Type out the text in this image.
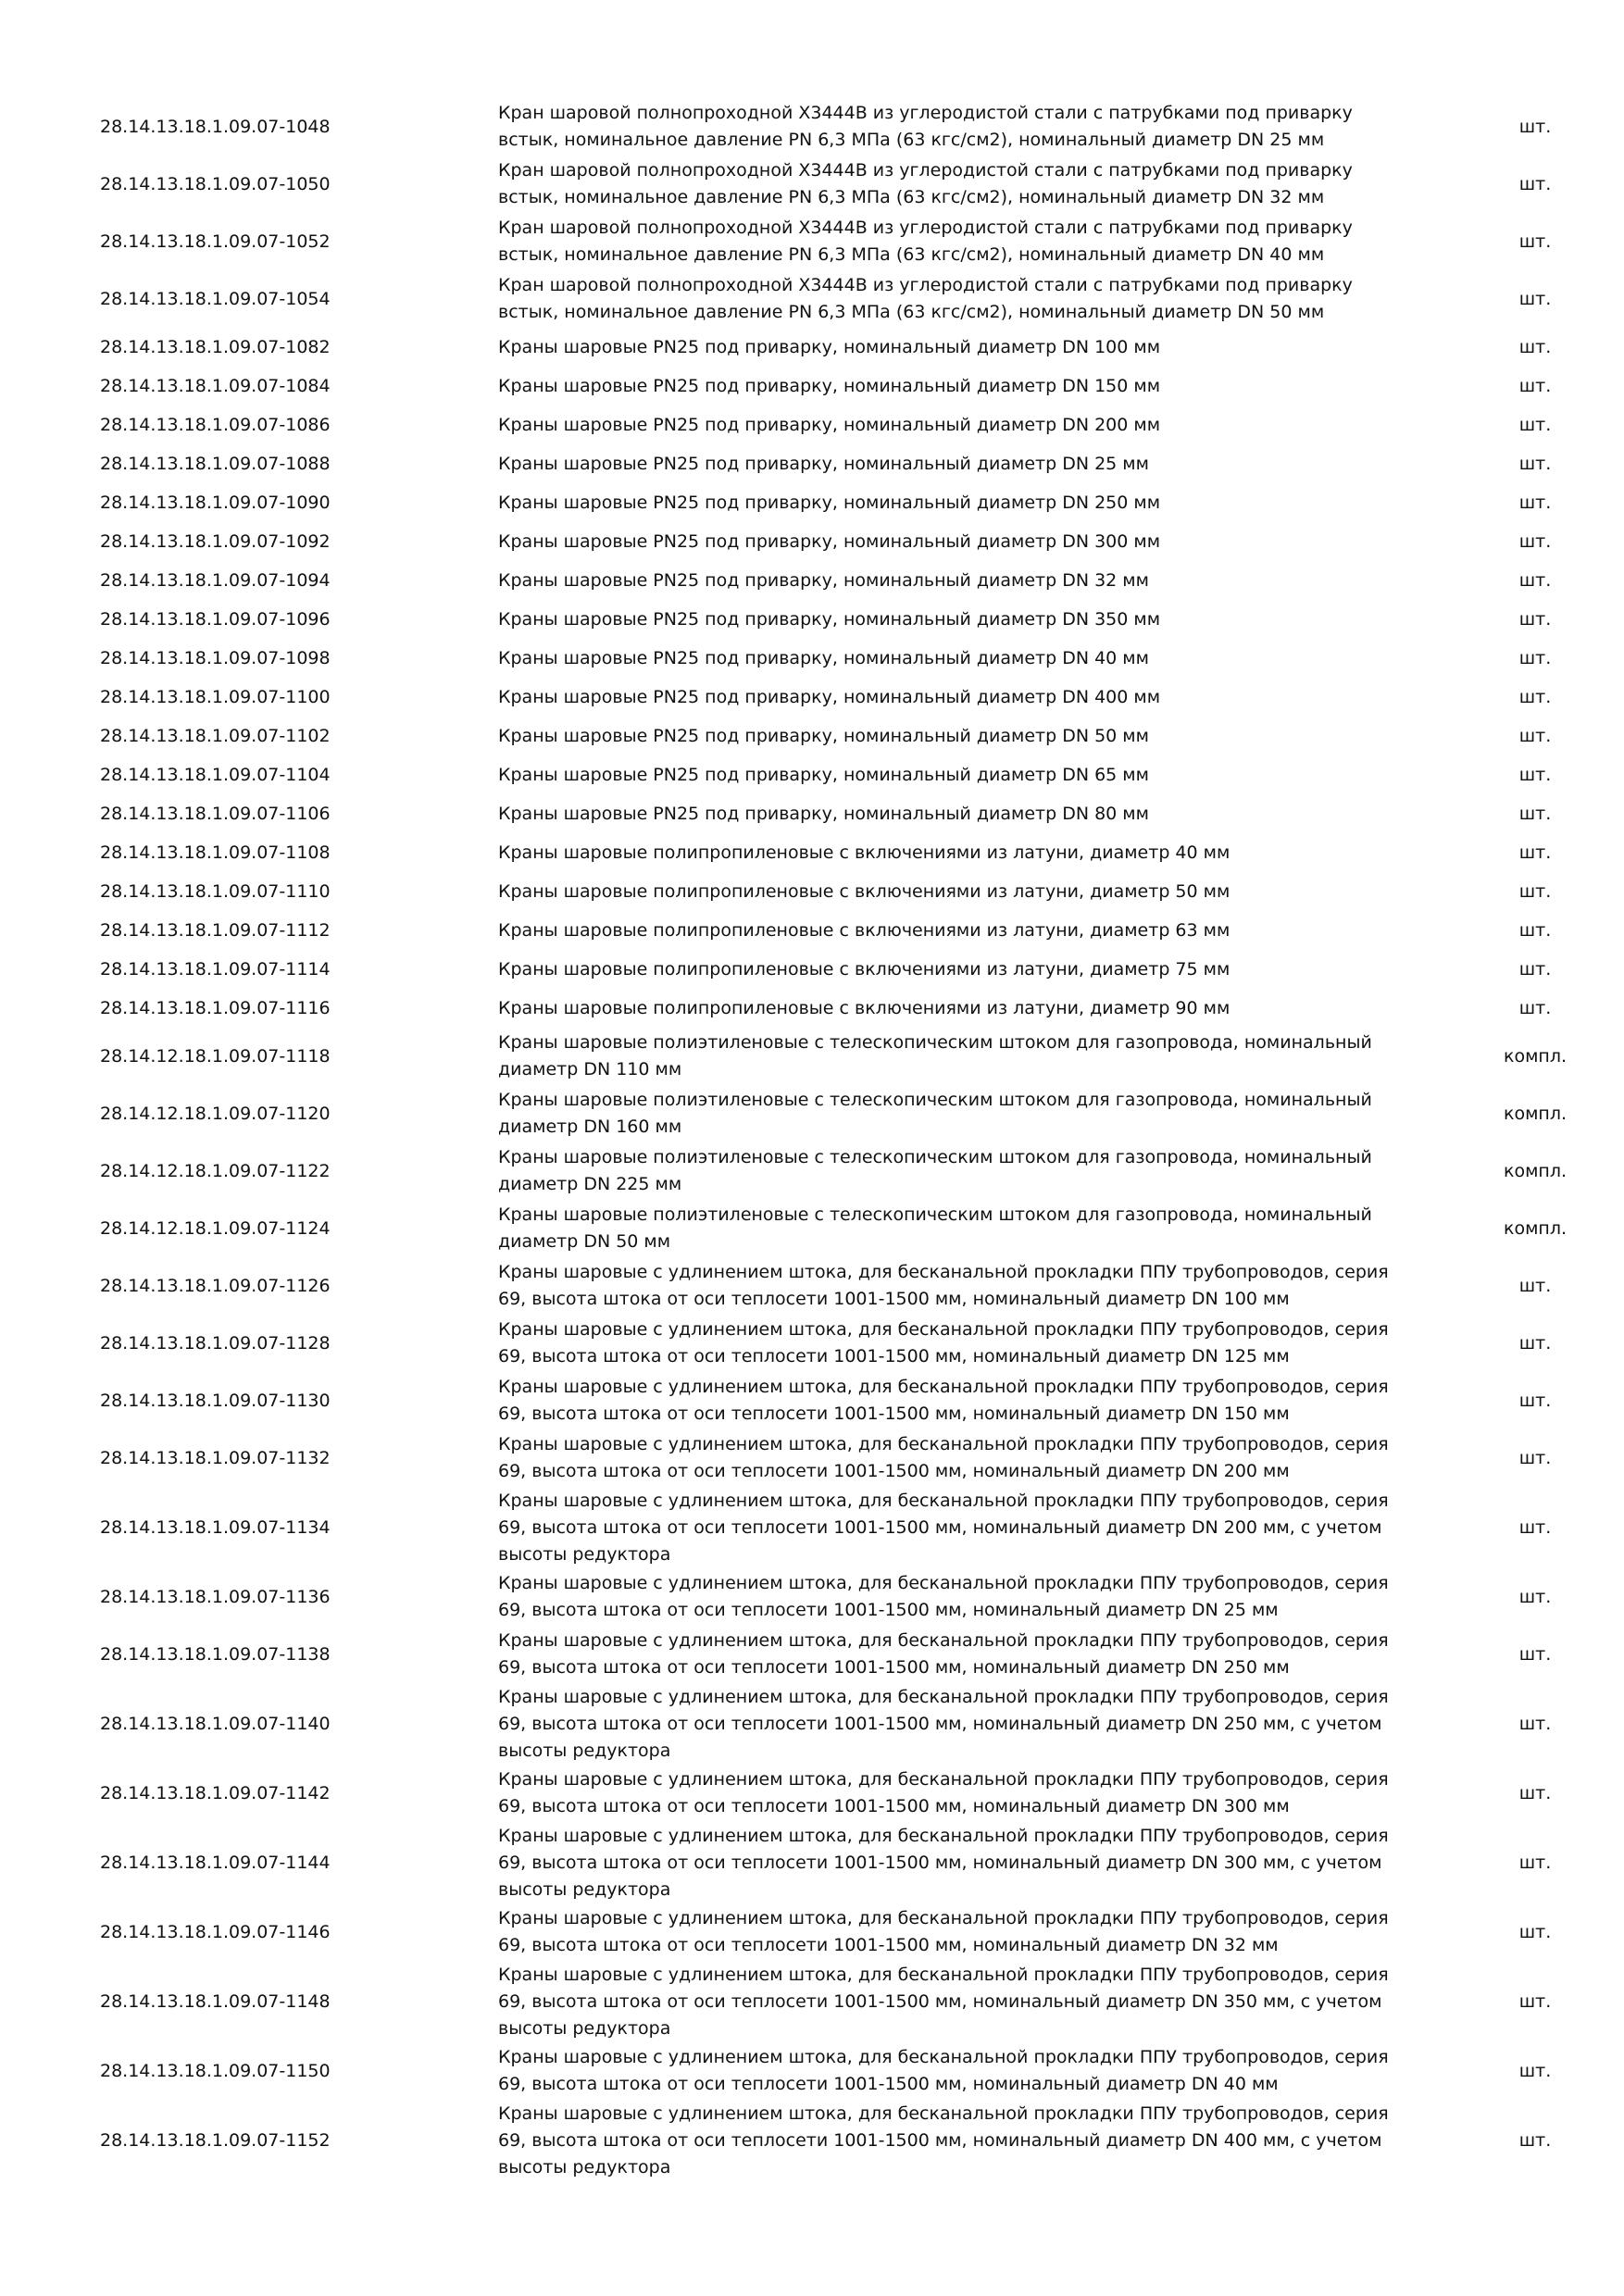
28.14.13.18.1.09.07-1048	Кран шаровой полнопроходной Х3444В из углеродистой стали с патрубками под приварку встык, номинальное давление PN 6,3 МПа (63 кгс/см2), номинальный диаметр DN 25 мм	шт.
28.14.13.18.1.09.07-1050	Кран шаровой полнопроходной Х3444В из углеродистой стали с патрубками под приварку встык, номинальное давление PN 6,3 МПа (63 кгс/см2), номинальный диаметр DN 32 мм	шт.
28.14.13.18.1.09.07-1052	Кран шаровой полнопроходной Х3444В из углеродистой стали с патрубками под приварку встык, номинальное давление PN 6,3 МПа (63 кгс/см2), номинальный диаметр DN 40 мм	шт.
28.14.13.18.1.09.07-1054	Кран шаровой полнопроходной Х3444В из углеродистой стали с патрубками под приварку встык, номинальное давление PN 6,3 МПа (63 кгс/см2), номинальный диаметр DN 50 мм	шт.
28.14.13.18.1.09.07-1082	Краны шаровые PN25 под приварку, номинальный диаметр DN 100 мм	шт.
28.14.13.18.1.09.07-1084	Краны шаровые PN25 под приварку, номинальный диаметр DN 150 мм	шт.
28.14.13.18.1.09.07-1086	Краны шаровые PN25 под приварку, номинальный диаметр DN 200 мм	шт.
28.14.13.18.1.09.07-1088	Краны шаровые PN25 под приварку, номинальный диаметр DN 25 мм	шт.
28.14.13.18.1.09.07-1090	Краны шаровые PN25 под приварку, номинальный диаметр DN 250 мм	шт.
28.14.13.18.1.09.07-1092	Краны шаровые PN25 под приварку, номинальный диаметр DN 300 мм	шт.
28.14.13.18.1.09.07-1094	Краны шаровые PN25 под приварку, номинальный диаметр DN 32 мм	шт.
28.14.13.18.1.09.07-1096	Краны шаровые PN25 под приварку, номинальный диаметр DN 350 мм	шт.
28.14.13.18.1.09.07-1098	Краны шаровые PN25 под приварку, номинальный диаметр DN 40 мм	шт.
28.14.13.18.1.09.07-1100	Краны шаровые PN25 под приварку, номинальный диаметр DN 400 мм	шт.
28.14.13.18.1.09.07-1102	Краны шаровые PN25 под приварку, номинальный диаметр DN 50 мм	шт.
28.14.13.18.1.09.07-1104	Краны шаровые PN25 под приварку, номинальный диаметр DN 65 мм	шт.
28.14.13.18.1.09.07-1106	Краны шаровые PN25 под приварку, номинальный диаметр DN 80 мм	шт.
28.14.13.18.1.09.07-1108	Краны шаровые полипропиленовые с включениями из латуни, диаметр 40 мм	шт.
28.14.13.18.1.09.07-1110	Краны шаровые полипропиленовые с включениями из латуни, диаметр 50 мм	шт.
28.14.13.18.1.09.07-1112	Краны шаровые полипропиленовые с включениями из латуни, диаметр 63 мм	шт.
28.14.13.18.1.09.07-1114	Краны шаровые полипропиленовые с включениями из латуни, диаметр 75 мм	шт.
28.14.13.18.1.09.07-1116	Краны шаровые полипропиленовые с включениями из латуни, диаметр 90 мм	шт.
28.14.12.18.1.09.07-1118	Краны шаровые полиэтиленовые с телескопическим штоком для газопровода, номинальный диаметр DN 110 мм	компл.
28.14.12.18.1.09.07-1120	Краны шаровые полиэтиленовые с телескопическим штоком для газопровода, номинальный диаметр DN 160 мм	компл.
28.14.12.18.1.09.07-1122	Краны шаровые полиэтиленовые с телескопическим штоком для газопровода, номинальный диаметр DN 225 мм	компл.
28.14.12.18.1.09.07-1124	Краны шаровые полиэтиленовые с телескопическим штоком для газопровода, номинальный диаметр DN 50 мм	компл.
28.14.13.18.1.09.07-1126	Краны шаровые с удлинением штока, для бесканальной прокладки ППУ трубопроводов, серия 69, высота штока от оси теплосети 1001-1500 мм, номинальный диаметр DN 100 мм	шт.
28.14.13.18.1.09.07-1128	Краны шаровые с удлинением штока, для бесканальной прокладки ППУ трубопроводов, серия 69, высота штока от оси теплосети 1001-1500 мм, номинальный диаметр DN 125 мм	шт.
28.14.13.18.1.09.07-1130	Краны шаровые с удлинением штока, для бесканальной прокладки ППУ трубопроводов, серия 69, высота штока от оси теплосети 1001-1500 мм, номинальный диаметр DN 150 мм	шт.
28.14.13.18.1.09.07-1132	Краны шаровые с удлинением штока, для бесканальной прокладки ППУ трубопроводов, серия 69, высота штока от оси теплосети 1001-1500 мм, номинальный диаметр DN 200 мм	шт.
28.14.13.18.1.09.07-1134	Краны шаровые с удлинением штока, для бесканальной прокладки ППУ трубопроводов, серия 69, высота штока от оси теплосети 1001-1500 мм, номинальный диаметр DN 200 мм, с учетом высоты редуктора	шт.
28.14.13.18.1.09.07-1136	Краны шаровые с удлинением штока, для бесканальной прокладки ППУ трубопроводов, серия 69, высота штока от оси теплосети 1001-1500 мм, номинальный диаметр DN 25 мм	шт.
28.14.13.18.1.09.07-1138	Краны шаровые с удлинением штока, для бесканальной прокладки ППУ трубопроводов, серия 69, высота штока от оси теплосети 1001-1500 мм, номинальный диаметр DN 250 мм	шт.
28.14.13.18.1.09.07-1140	Краны шаровые с удлинением штока, для бесканальной прокладки ППУ трубопроводов, серия 69, высота штока от оси теплосети 1001-1500 мм, номинальный диаметр DN 250 мм, с учетом высоты редуктора	шт.
28.14.13.18.1.09.07-1142	Краны шаровые с удлинением штока, для бесканальной прокладки ППУ трубопроводов, серия 69, высота штока от оси теплосети 1001-1500 мм, номинальный диаметр DN 300 мм	шт.
28.14.13.18.1.09.07-1144	Краны шаровые с удлинением штока, для бесканальной прокладки ППУ трубопроводов, серия 69, высота штока от оси теплосети 1001-1500 мм, номинальный диаметр DN 300 мм, с учетом высоты редуктора	шт.
28.14.13.18.1.09.07-1146	Краны шаровые с удлинением штока, для бесканальной прокладки ППУ трубопроводов, серия 69, высота штока от оси теплосети 1001-1500 мм, номинальный диаметр DN 32 мм	шт.
28.14.13.18.1.09.07-1148	Краны шаровые с удлинением штока, для бесканальной прокладки ППУ трубопроводов, серия 69, высота штока от оси теплосети 1001-1500 мм, номинальный диаметр DN 350 мм, с учетом высоты редуктора	шт.
28.14.13.18.1.09.07-1150	Краны шаровые с удлинением штока, для бесканальной прокладки ППУ трубопроводов, серия 69, высота штока от оси теплосети 1001-1500 мм, номинальный диаметр DN 40 мм	шт.
28.14.13.18.1.09.07-1152	Краны шаровые с удлинением штока, для бесканальной прокладки ППУ трубопроводов, серия 69, высота штока от оси теплосети 1001-1500 мм, номинальный диаметр DN 400 мм, с учетом высоты редуктора	шт.
